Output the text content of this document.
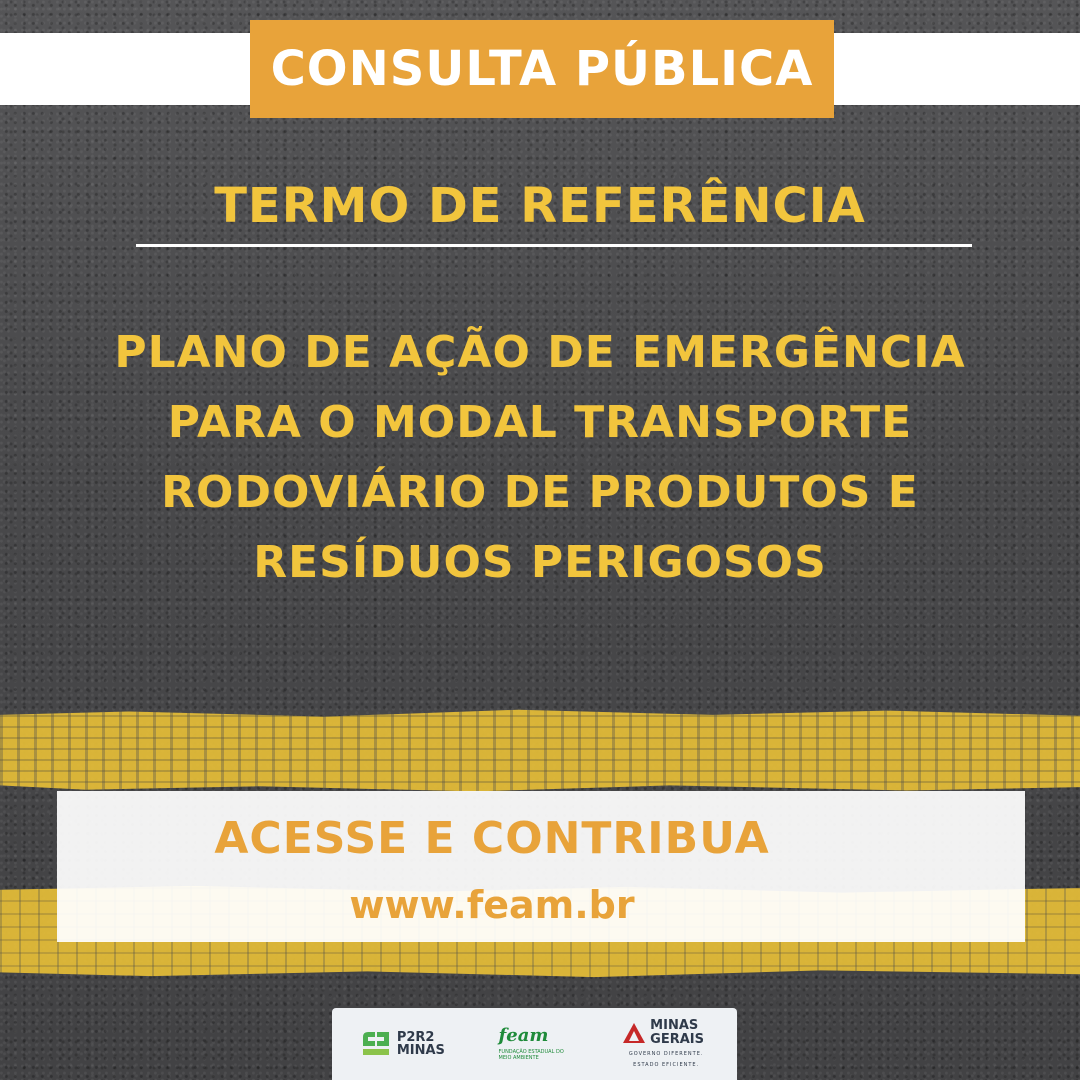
CONSULTA PÚBLICA
TERMO DE REFERÊNCIA
PLANO DE AÇÃO DE EMERGÊNCIA
PARA O MODAL TRANSPORTE
RODOVIÁRIO DE PRODUTOS E
RESÍDUOS PERIGOSOS
ACESSE E CONTRIBUA
www.feam.br
P2R2
MINAS
feam
FUNDAÇÃO ESTADUAL DO MEIO AMBIENTE
MINAS
GERAIS
GOVERNO DIFERENTE.
ESTADO EFICIENTE.
